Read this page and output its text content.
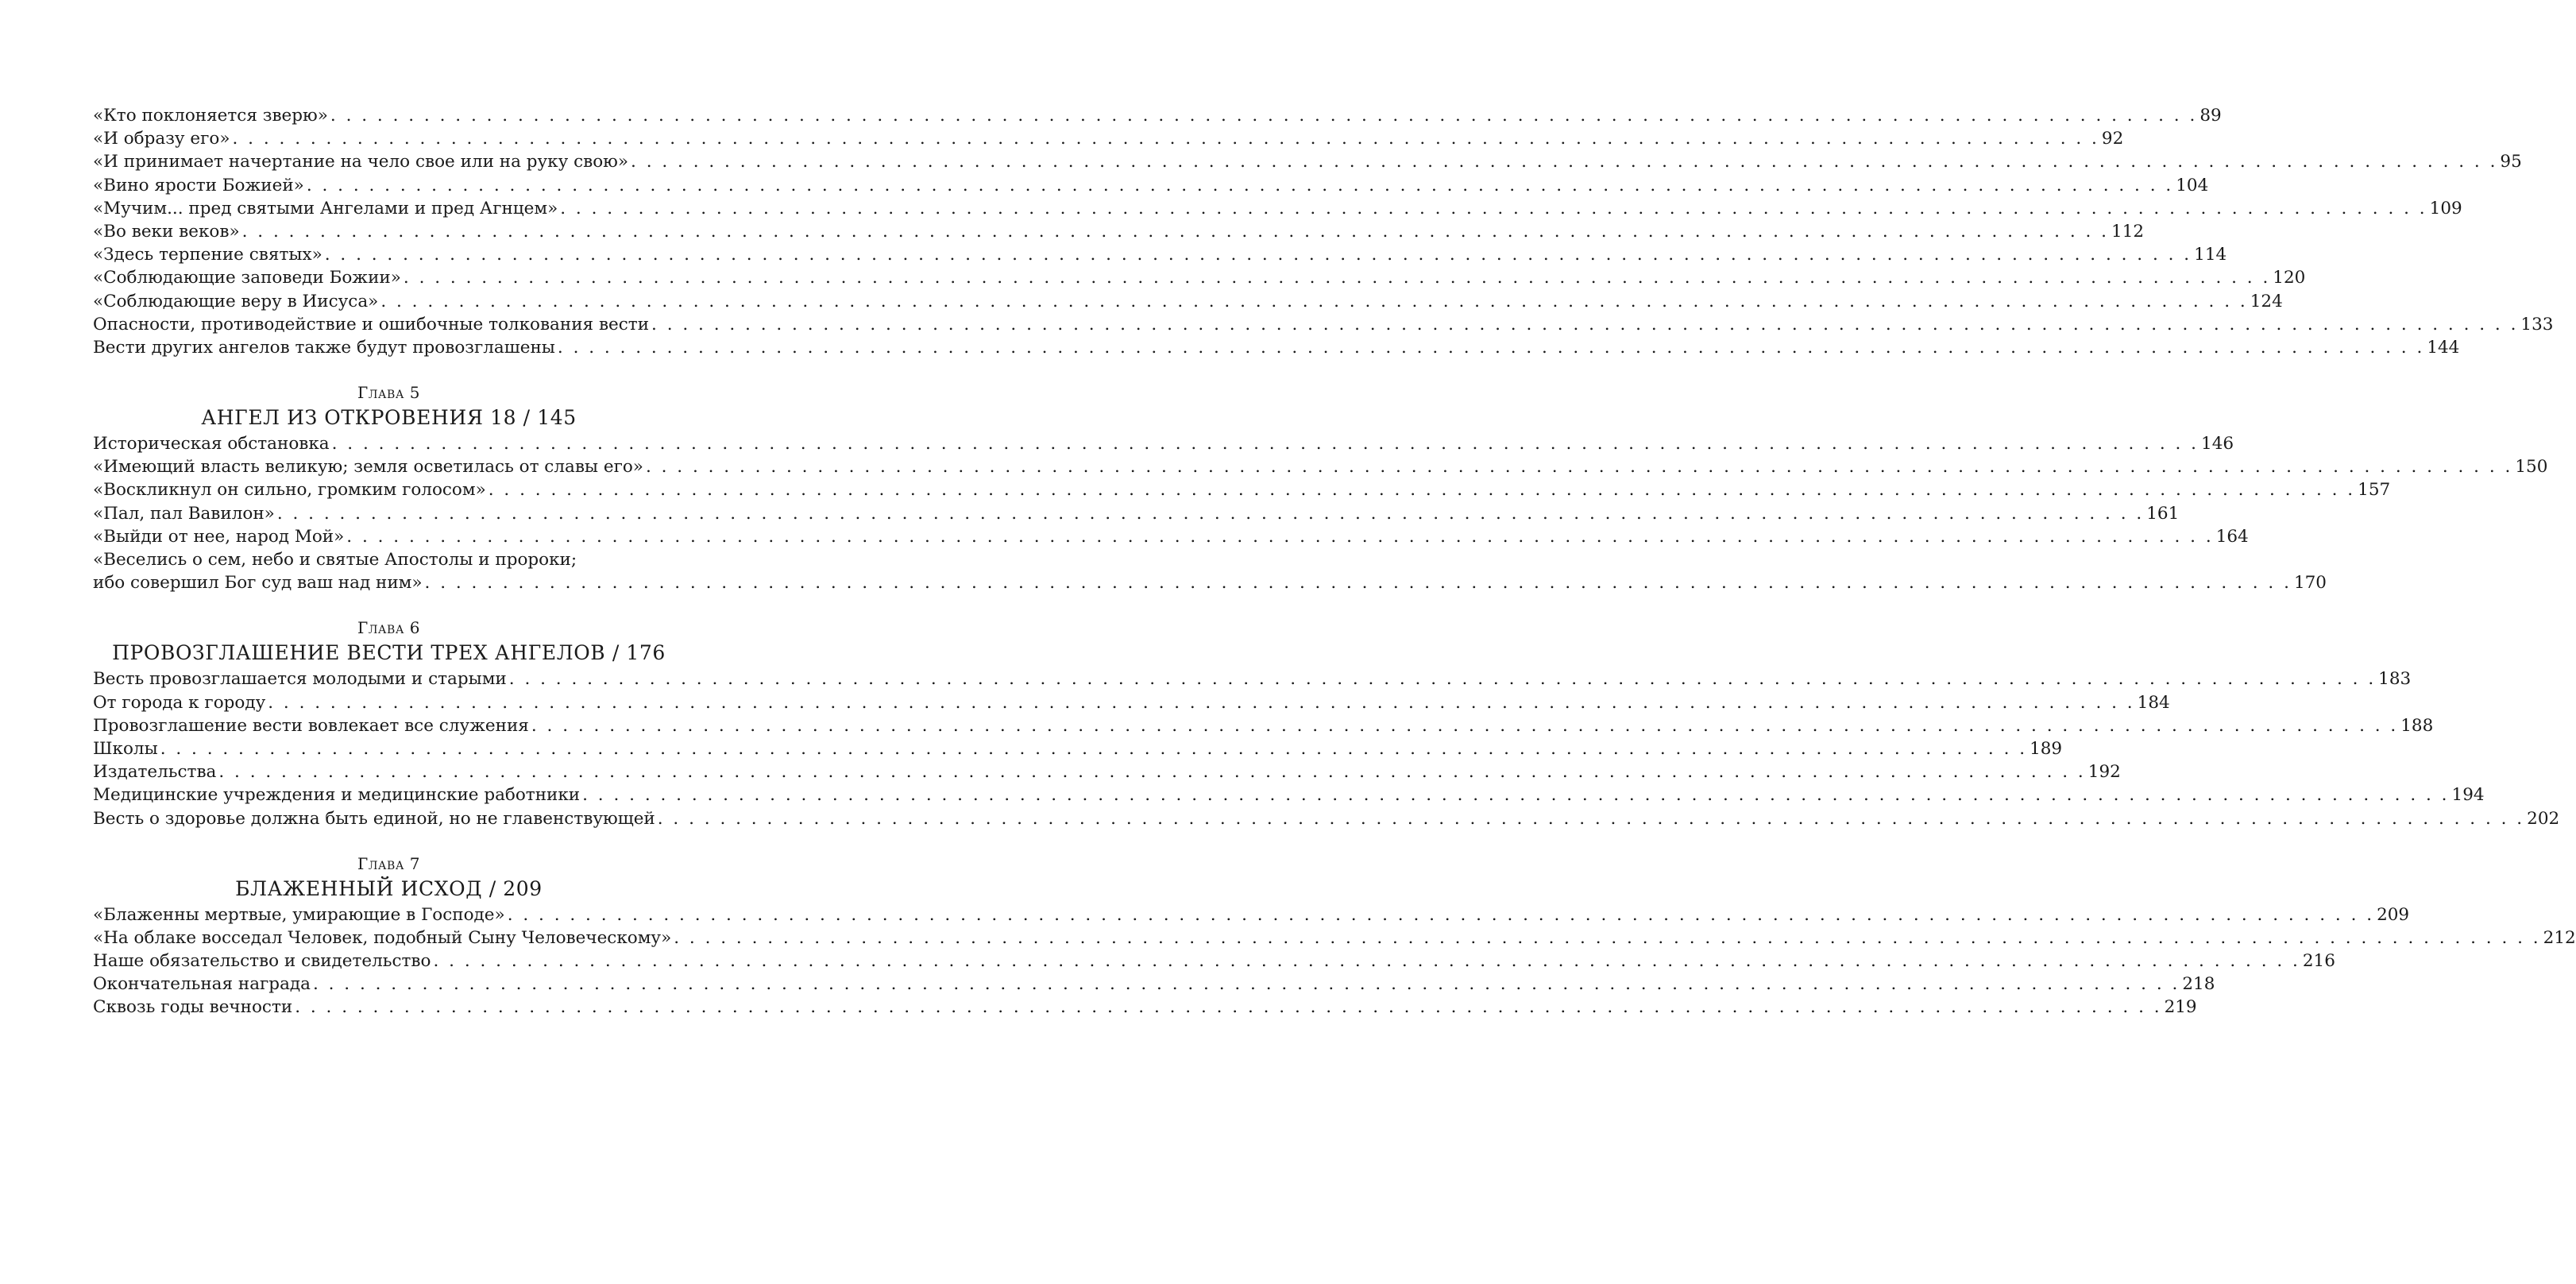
«Кто поклоняется зверю» . . . . . . . . . . . . . . . . . . . . . . . . . . . . . . . . . . . . . . . . . . . . . . . . . . . . . . . . . . . . . . . . . . . . . . . . . . . . . . . . . . . . . . . . . . . . . . . . . . . . . . . . . . . . . . . . . . . . . . . . 89
«И образу его» . . . . . . . . . . . . . . . . . . . . . . . . . . . . . . . . . . . . . . . . . . . . . . . . . . . . . . . . . . . . . . . . . . . . . . . . . . . . . . . . . . . . . . . . . . . . . . . . . . . . . . . . . . . . . . . . . . . . . . . . 92
«И принимает начертание на чело свое или на руку свою» . . . . . . . . . . . . . . . . . . . . . . . . . . . . . . . . . . . . . . . . . . . . . . . . . . . . . . . . . . . . . . . . . . . . . . . . . . . . . . . . . . . . . . . . . . . . . . . . . . . . . . . . . . . . . . . . . . . . . . . . 95
«Вино ярости Божией» . . . . . . . . . . . . . . . . . . . . . . . . . . . . . . . . . . . . . . . . . . . . . . . . . . . . . . . . . . . . . . . . . . . . . . . . . . . . . . . . . . . . . . . . . . . . . . . . . . . . . . . . . . . . . . . . . . . . . . . . 104
«Мучим... пред святыми Ангелами и пред Агнцем» . . . . . . . . . . . . . . . . . . . . . . . . . . . . . . . . . . . . . . . . . . . . . . . . . . . . . . . . . . . . . . . . . . . . . . . . . . . . . . . . . . . . . . . . . . . . . . . . . . . . . . . . . . . . . . . . . . . . . . . . 109
«Во веки веков» . . . . . . . . . . . . . . . . . . . . . . . . . . . . . . . . . . . . . . . . . . . . . . . . . . . . . . . . . . . . . . . . . . . . . . . . . . . . . . . . . . . . . . . . . . . . . . . . . . . . . . . . . . . . . . . . . . . . . . . . 112
«Здесь терпение святых» . . . . . . . . . . . . . . . . . . . . . . . . . . . . . . . . . . . . . . . . . . . . . . . . . . . . . . . . . . . . . . . . . . . . . . . . . . . . . . . . . . . . . . . . . . . . . . . . . . . . . . . . . . . . . . . . . . . . . . . . 114
«Соблюдающие заповеди Божии» . . . . . . . . . . . . . . . . . . . . . . . . . . . . . . . . . . . . . . . . . . . . . . . . . . . . . . . . . . . . . . . . . . . . . . . . . . . . . . . . . . . . . . . . . . . . . . . . . . . . . . . . . . . . . . . . . . . . . . . . 120
«Соблюдающие веру в Иисуса» . . . . . . . . . . . . . . . . . . . . . . . . . . . . . . . . . . . . . . . . . . . . . . . . . . . . . . . . . . . . . . . . . . . . . . . . . . . . . . . . . . . . . . . . . . . . . . . . . . . . . . . . . . . . . . . . . . . . . . . . 124
Опасности, противодействие и ошибочные толкования вести . . . . . . . . . . . . . . . . . . . . . . . . . . . . . . . . . . . . . . . . . . . . . . . . . . . . . . . . . . . . . . . . . . . . . . . . . . . . . . . . . . . . . . . . . . . . . . . . . . . . . . . . . . . . . . . . . . . . . . . . 133
Вести других ангелов также будут провозглашены . . . . . . . . . . . . . . . . . . . . . . . . . . . . . . . . . . . . . . . . . . . . . . . . . . . . . . . . . . . . . . . . . . . . . . . . . . . . . . . . . . . . . . . . . . . . . . . . . . . . . . . . . . . . . . . . . . . . . . . . 144
Глава 5
АНГЕЛ ИЗ ОТКРОВЕНИЯ 18 / 145
Историческая обстановка . . . . . . . . . . . . . . . . . . . . . . . . . . . . . . . . . . . . . . . . . . . . . . . . . . . . . . . . . . . . . . . . . . . . . . . . . . . . . . . . . . . . . . . . . . . . . . . . . . . . . . . . . . . . . . . . . . . . . . . . 146
«Имеющий власть великую; земля осветилась от славы его» . . . . . . . . . . . . . . . . . . . . . . . . . . . . . . . . . . . . . . . . . . . . . . . . . . . . . . . . . . . . . . . . . . . . . . . . . . . . . . . . . . . . . . . . . . . . . . . . . . . . . . . . . . . . . . . . . . . . . . . . 150
«Воскликнул он сильно, громким голосом» . . . . . . . . . . . . . . . . . . . . . . . . . . . . . . . . . . . . . . . . . . . . . . . . . . . . . . . . . . . . . . . . . . . . . . . . . . . . . . . . . . . . . . . . . . . . . . . . . . . . . . . . . . . . . . . . . . . . . . . . 157
«Пал, пал Вавилон» . . . . . . . . . . . . . . . . . . . . . . . . . . . . . . . . . . . . . . . . . . . . . . . . . . . . . . . . . . . . . . . . . . . . . . . . . . . . . . . . . . . . . . . . . . . . . . . . . . . . . . . . . . . . . . . . . . . . . . . . 161
«Выйди от нее, народ Мой» . . . . . . . . . . . . . . . . . . . . . . . . . . . . . . . . . . . . . . . . . . . . . . . . . . . . . . . . . . . . . . . . . . . . . . . . . . . . . . . . . . . . . . . . . . . . . . . . . . . . . . . . . . . . . . . . . . . . . . . . 164
«Веселись о сем, небо и святые Апостолы и пророки;
ибо совершил Бог суд ваш над ним» . . . . . . . . . . . . . . . . . . . . . . . . . . . . . . . . . . . . . . . . . . . . . . . . . . . . . . . . . . . . . . . . . . . . . . . . . . . . . . . . . . . . . . . . . . . . . . . . . . . . . . . . . . . . . . . . . . . . . . . . 170
Глава 6
ПРОВОЗГЛАШЕНИЕ ВЕСТИ ТРЕХ АНГЕЛОВ / 176
Весть провозглашается молодыми и старыми . . . . . . . . . . . . . . . . . . . . . . . . . . . . . . . . . . . . . . . . . . . . . . . . . . . . . . . . . . . . . . . . . . . . . . . . . . . . . . . . . . . . . . . . . . . . . . . . . . . . . . . . . . . . . . . . . . . . . . . . 183
От города к городу . . . . . . . . . . . . . . . . . . . . . . . . . . . . . . . . . . . . . . . . . . . . . . . . . . . . . . . . . . . . . . . . . . . . . . . . . . . . . . . . . . . . . . . . . . . . . . . . . . . . . . . . . . . . . . . . . . . . . . . . 184
Провозглашение вести вовлекает все служения . . . . . . . . . . . . . . . . . . . . . . . . . . . . . . . . . . . . . . . . . . . . . . . . . . . . . . . . . . . . . . . . . . . . . . . . . . . . . . . . . . . . . . . . . . . . . . . . . . . . . . . . . . . . . . . . . . . . . . . . 188
Школы . . . . . . . . . . . . . . . . . . . . . . . . . . . . . . . . . . . . . . . . . . . . . . . . . . . . . . . . . . . . . . . . . . . . . . . . . . . . . . . . . . . . . . . . . . . . . . . . . . . . . . . . . . . . . . . . . . . . . . . . 189
Издательства . . . . . . . . . . . . . . . . . . . . . . . . . . . . . . . . . . . . . . . . . . . . . . . . . . . . . . . . . . . . . . . . . . . . . . . . . . . . . . . . . . . . . . . . . . . . . . . . . . . . . . . . . . . . . . . . . . . . . . . . 192
Медицинские учреждения и медицинские работники . . . . . . . . . . . . . . . . . . . . . . . . . . . . . . . . . . . . . . . . . . . . . . . . . . . . . . . . . . . . . . . . . . . . . . . . . . . . . . . . . . . . . . . . . . . . . . . . . . . . . . . . . . . . . . . . . . . . . . . . 194
Весть о здоровье должна быть единой, но не главенствующей . . . . . . . . . . . . . . . . . . . . . . . . . . . . . . . . . . . . . . . . . . . . . . . . . . . . . . . . . . . . . . . . . . . . . . . . . . . . . . . . . . . . . . . . . . . . . . . . . . . . . . . . . . . . . . . . . . . . . . . . 202
Глава 7
БЛАЖЕННЫЙ ИСХОД / 209
«Блаженны мертвые, умирающие в Господе» . . . . . . . . . . . . . . . . . . . . . . . . . . . . . . . . . . . . . . . . . . . . . . . . . . . . . . . . . . . . . . . . . . . . . . . . . . . . . . . . . . . . . . . . . . . . . . . . . . . . . . . . . . . . . . . . . . . . . . . . 209
«На облаке восседал Человек, подобный Сыну Человеческому» . . . . . . . . . . . . . . . . . . . . . . . . . . . . . . . . . . . . . . . . . . . . . . . . . . . . . . . . . . . . . . . . . . . . . . . . . . . . . . . . . . . . . . . . . . . . . . . . . . . . . . . . . . . . . . . . . . . . . . . . 212
Наше обязательство и свидетельство . . . . . . . . . . . . . . . . . . . . . . . . . . . . . . . . . . . . . . . . . . . . . . . . . . . . . . . . . . . . . . . . . . . . . . . . . . . . . . . . . . . . . . . . . . . . . . . . . . . . . . . . . . . . . . . . . . . . . . . . 216
Окончательная награда . . . . . . . . . . . . . . . . . . . . . . . . . . . . . . . . . . . . . . . . . . . . . . . . . . . . . . . . . . . . . . . . . . . . . . . . . . . . . . . . . . . . . . . . . . . . . . . . . . . . . . . . . . . . . . . . . . . . . . . . 218
Сквозь годы вечности . . . . . . . . . . . . . . . . . . . . . . . . . . . . . . . . . . . . . . . . . . . . . . . . . . . . . . . . . . . . . . . . . . . . . . . . . . . . . . . . . . . . . . . . . . . . . . . . . . . . . . . . . . . . . . . . . . . . . . . . 219
